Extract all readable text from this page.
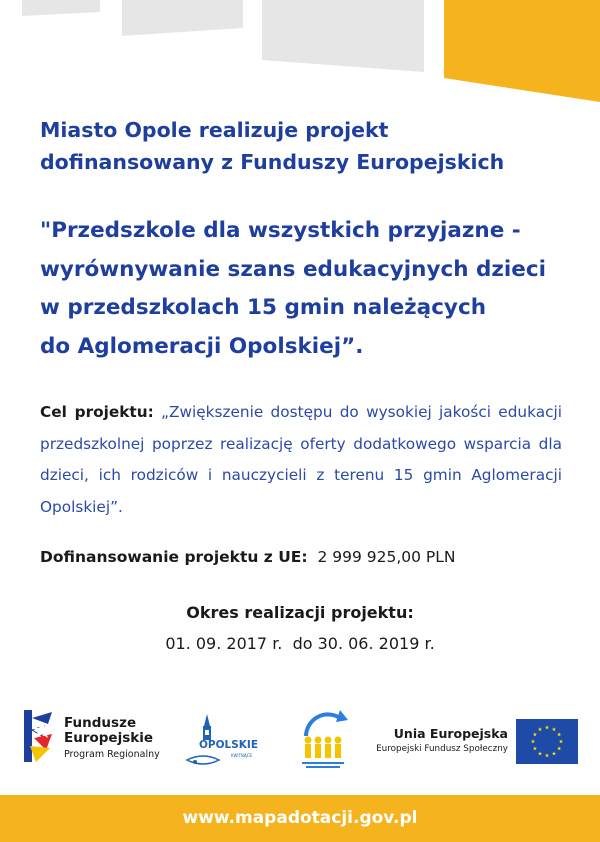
Miasto Opole realizuje projekt
dofinansowany z Funduszy Europejskich
"Przedszkole dla wszystkich przyjazne -
wyrównywanie szans edukacyjnych dzieci
w przedszkolach 15 gmin należących
do Aglomeracji Opolskiej”.

Cel projektu: „Zwiększenie dostępu do wysokiej jakości edukacji przedszkolnej poprzez realizację oferty dodatkowego wsparcia dla dzieci, ich rodziców i nauczycieli z terenu 15 gmin Aglomeracji Opolskiej”.

Dofinansowanie projektu z UE:  2 999 925,00 PLN

Okres realizacji projektu:

01. 09. 2017 r.  do 30. 06. 2019 r.

Fundusze
Europejskie
Program Regionalny
OPOLSKIE
KWITNĄCE
Unia Europejska
Europejski Fundusz Społeczny
www.mapadotacji.gov.pl
